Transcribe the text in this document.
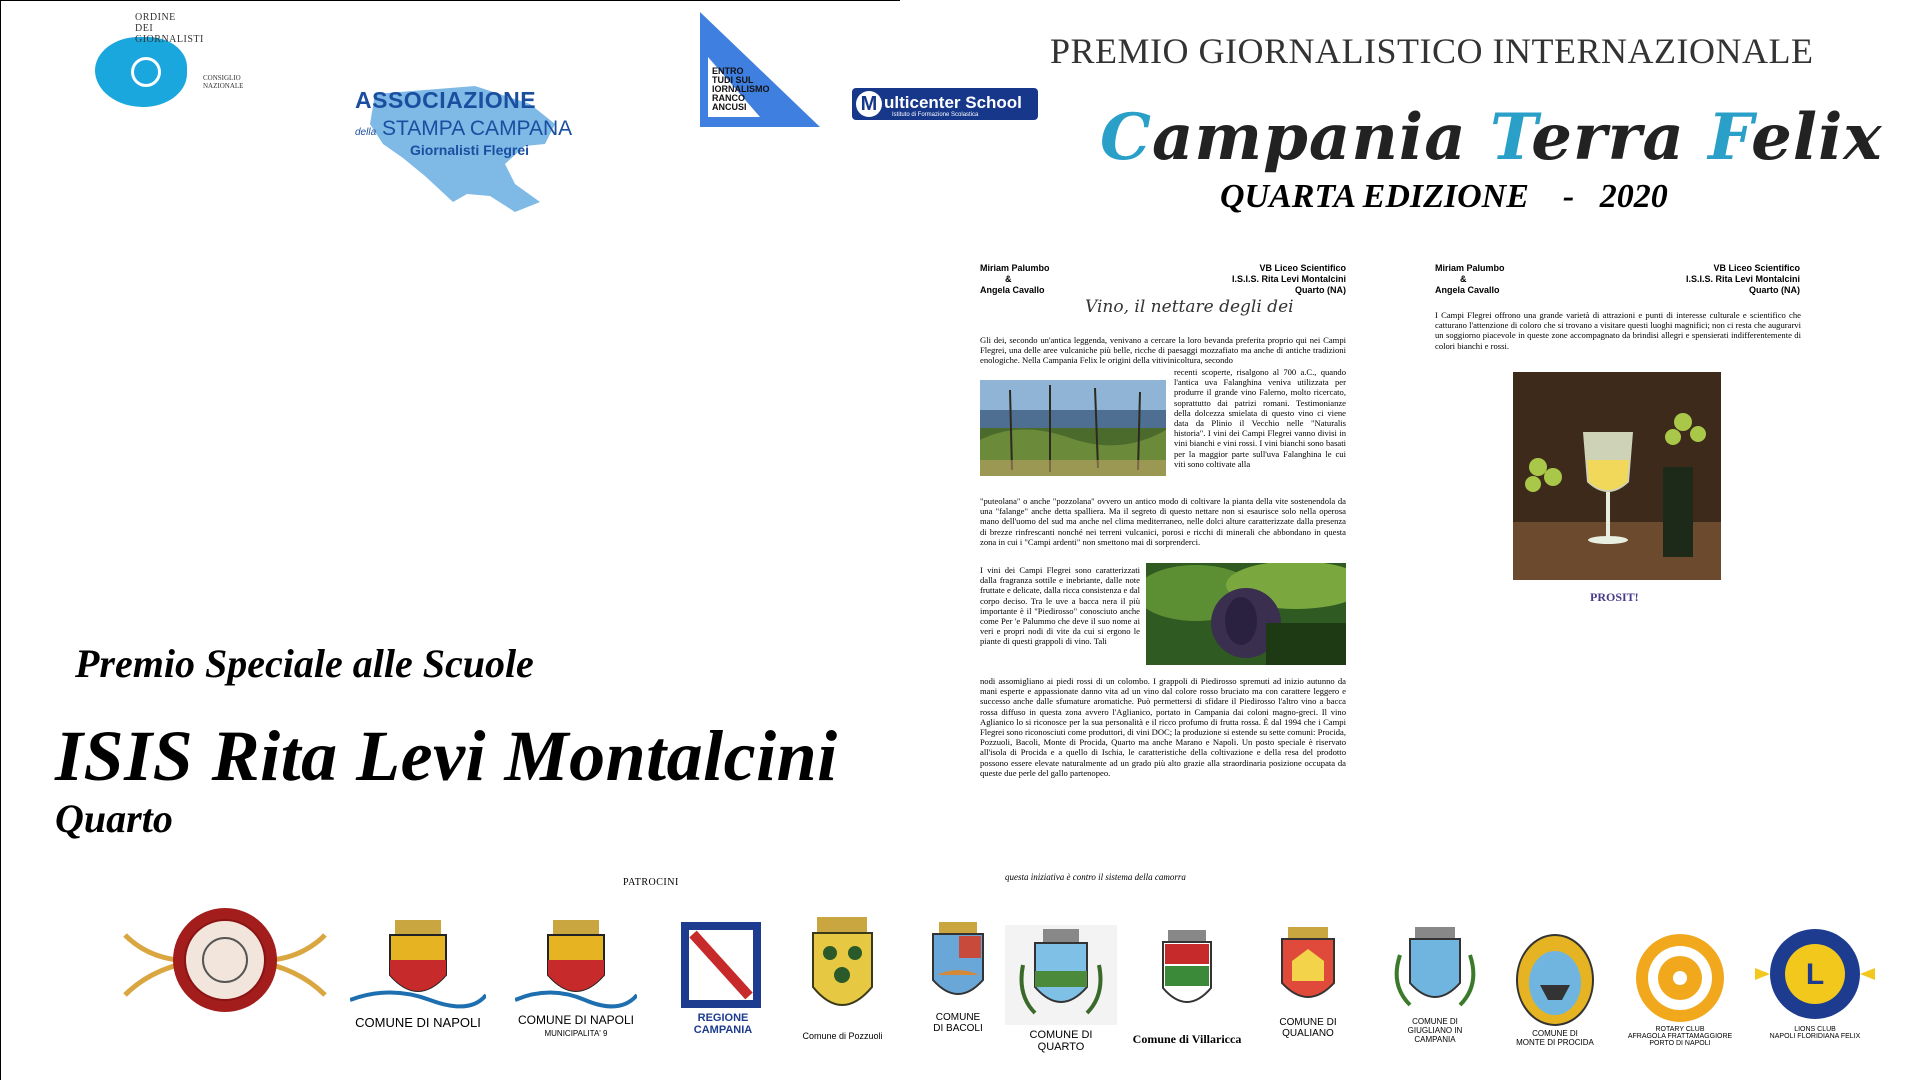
ORDINE
DEI
GIORNALISTI
CONSIGLIO
NAZIONALE
ASSOCIAZIONE
della STAMPA CAMPANA
Giornalisti Flegrei
ENTRO
TUDI SUL
IORNALISMO
RANCO
ANCUSI	M ulticenter School
Istituto di Formazione Scolastica
PREMIO GIORNALISTICO INTERNAZIONALE
Campania Terra Felix
QUARTA EDIZIONE    -   2020
Premio Speciale alle Scuole
ISIS Rita Levi Montalcini
Quarto
Miriam Palumbo
&
Angela Cavallo
VB Liceo Scientifico
I.S.I.S. Rita Levi Montalcini
Quarto (NA)
Vino, il nettare degli dei
Gli dei, secondo un'antica leggenda, venivano a cercare la loro bevanda preferita proprio qui nei Campi Flegrei, una delle aree vulcaniche più belle, ricche di paesaggi mozzafiato ma anche di antiche tradizioni enologiche. Nella Campania Felix le origini della vitivinicoltura, secondo
recenti scoperte, risalgono al 700 a.C., quando l'antica uva Falanghina veniva utilizzata per produrre il grande vino Falerno, molto ricercato, soprattutto dai patrizi romani. Testimonianze della dolcezza smielata di questo vino ci viene data da Plinio il Vecchio nelle "Naturalis historia". I vini dei Campi Flegrei vanno divisi in vini bianchi e vini rossi. I vini bianchi sono basati per la maggior parte sull'uva Falanghina le cui viti sono coltivate alla
"puteolana" o anche "pozzolana" ovvero un antico modo di coltivare la pianta della vite sostenendola da una "falange" anche detta spalliera. Ma il segreto di questo nettare non si esaurisce solo nella operosa mano dell'uomo del sud ma anche nel clima mediterraneo, nelle dolci alture caratterizzate dalla presenza di brezze rinfrescanti nonché nei terreni vulcanici, porosi e ricchi di minerali che abbondano in questa zona in cui i "Campi ardenti" non smettono mai di sorprenderci.
I vini dei Campi Flegrei sono caratterizzati dalla fragranza sottile e inebriante, dalle note fruttate e delicate, dalla ricca consistenza e dal corpo deciso. Tra le uve a bacca nera il più importante è il "Piedirosso" conosciuto anche come Per 'e Palummo che deve il suo nome ai veri e propri nodi di vite da cui si ergono le piante di questi grappoli di vino. Tali
nodi assomigliano ai piedi rossi di un colombo. I grappoli di Piedirosso spremuti ad inizio autunno da mani esperte e appassionate danno vita ad un vino dal colore rosso bruciato ma con carattere leggero e successo anche dalle sfumature aromatiche. Può permettersi di sfidare il Piedirosso l'altro vino a bacca rossa diffuso in questa zona avvero l'Aglianico, portato in Campania dai coloni magno-greci. Il vino Aglianico lo si riconosce per la sua personalità e il ricco profumo di frutta rossa. È dal 1994 che i Campi Flegrei sono riconosciuti come produttori, di vini DOC; la produzione si estende su sette comuni: Procida, Pozzuoli, Bacoli, Monte di Procida, Quarto ma anche Marano e Napoli. Un posto speciale è riservato all'isola di Procida e a quello di Ischia, le caratteristiche della coltivazione e della resa del prodotto possono essere elevate naturalmente ad un grado più alto grazie alla straordinaria posizione occupata da queste due perle del gallo partenopeo.
Miriam Palumbo
&
Angela Cavallo
VB Liceo Scientifico
I.S.I.S. Rita Levi Montalcini
Quarto (NA)
I Campi Flegrei offrono una grande varietà di attrazioni e punti di interesse culturale e scientifico che catturano l'attenzione di coloro che si trovano a visitare questi luoghi magnifici; non ci resta che augurarvi un soggiorno piacevole in queste zone accompagnato da brindisi allegri e spensierati indifferentemente di colori bianchi e rossi.
PROSIT!
PATROCINI	questa iniziativa è contro il sistema della camorra
COMUNE DI NAPOLI	COMUNE DI NAPOLI
MUNICIPALITA' 9
REGIONE CAMPANIA	Comune di Pozzuoli
COMUNE
DI BACOLI
COMUNE DI QUARTO
Comune di Villaricca
COMUNE DI
QUALIANO
COMUNE DI
GIUGLIANO IN
CAMPANIA
COMUNE DI
MONTE DI PROCIDA
ROTARY CLUB
AFRAGOLA FRATTAMAGGIORE
PORTO DI NAPOLI
L
LIONS CLUB
NAPOLI FLORIDIANA FELIX
